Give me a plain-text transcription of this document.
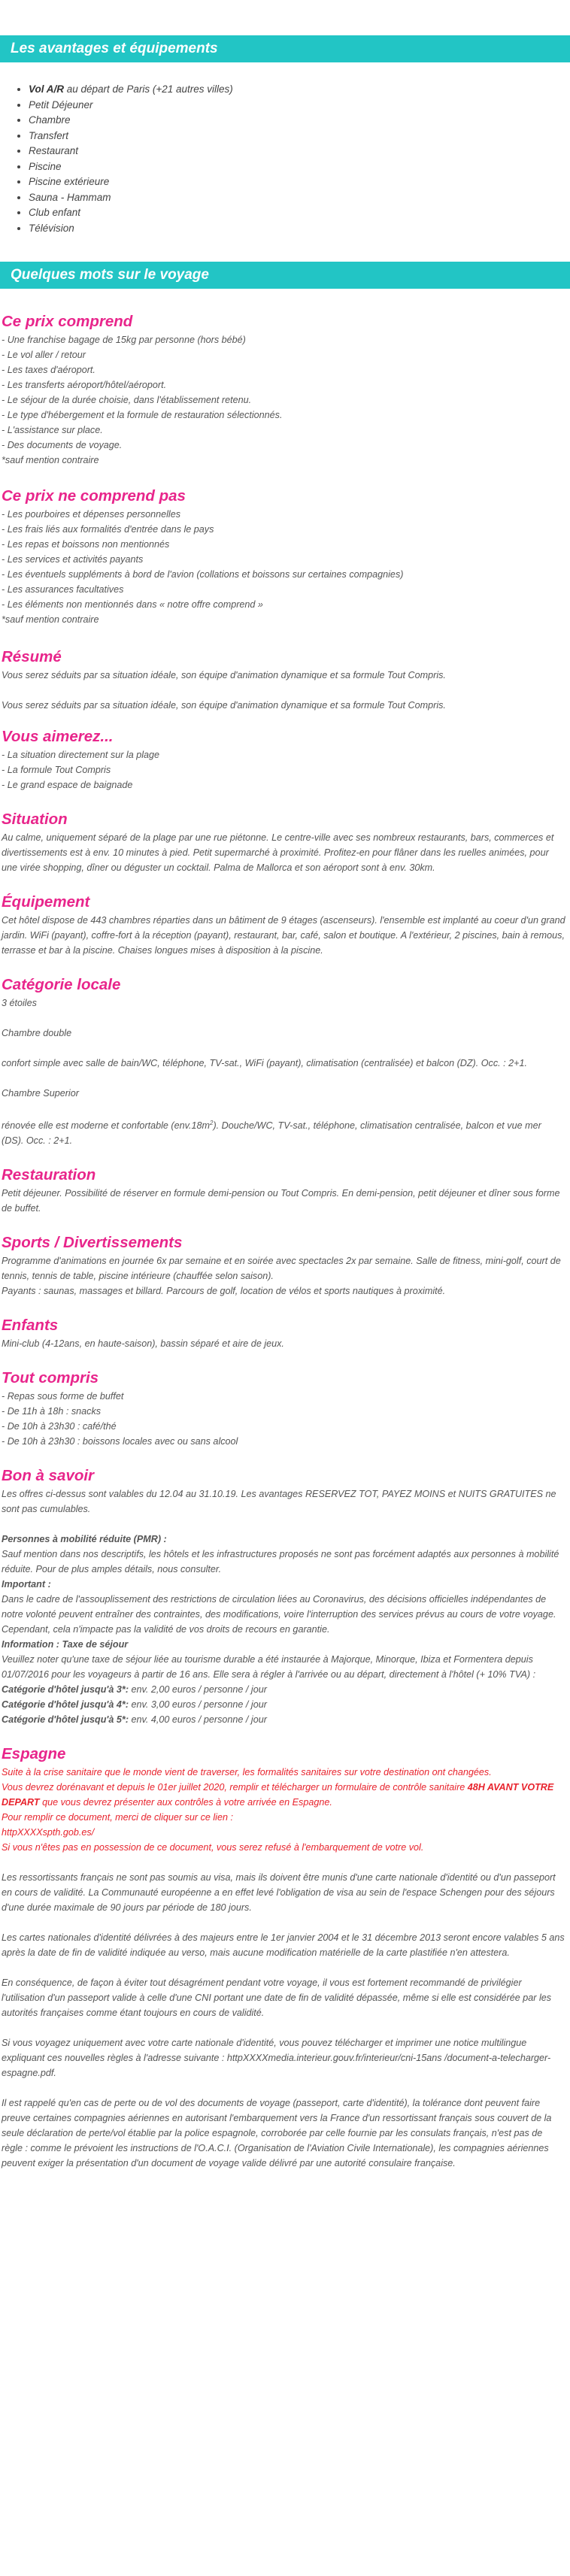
Les avantages et équipements
• Vol A/R au départ de Paris (+21 autres villes)
• Petit Déjeuner
• Chambre
• Transfert
• Restaurant
• Piscine
• Piscine extérieure
• Sauna - Hammam
• Club enfant
• Télévision
Quelques mots sur le voyage
Ce prix comprend

- Une franchise bagage de 15kg par personne (hors bébé)

- Le vol aller / retour

- Les taxes d'aéroport.

- Les transferts aéroport/hôtel/aéroport.

- Le séjour de la durée choisie, dans l'établissement retenu.

- Le type d'hébergement et la formule de restauration sélectionnés.

- L'assistance sur place.

- Des documents de voyage.

*sauf mention contraire

Ce prix ne comprend pas

- Les pourboires et dépenses personnelles

- Les frais liés aux formalités d'entrée dans le pays

- Les repas et boissons non mentionnés

- Les services et activités payants

- Les éventuels suppléments à bord de l'avion (collations et boissons sur certaines compagnies)

- Les assurances facultatives

- Les éléments non mentionnés dans « notre offre comprend »

*sauf mention contraire

Résumé

Vous serez séduits par sa situation idéale, son équipe d'animation dynamique et sa formule Tout Compris.

Vous serez séduits par sa situation idéale, son équipe d'animation dynamique et sa formule Tout Compris.

Vous aimerez...

- La situation directement sur la plage

- La formule Tout Compris

- Le grand espace de baignade

Situation
Au calme, uniquement séparé de la plage par une rue piétonne. Le centre-ville avec ses nombreux restaurants, bars, commerces et divertissements est à env. 10 minutes à pied. Petit supermarché à proximité. Profitez-en pour flâner dans les ruelles animées, pour une virée shopping, dîner ou déguster un cocktail. Palma de Mallorca et son aéroport sont à env. 30km.
Équipement
Cet hôtel dispose de 443 chambres réparties dans un bâtiment de 9 étages (ascenseurs). l'ensemble est implanté au coeur d'un grand jardin. WiFi (payant), coffre-fort à la réception (payant), restaurant, bar, café, salon et boutique. A l'extérieur, 2 piscines, bain à remous, terrasse et bar à la piscine. Chaises longues mises à disposition à la piscine.
Catégorie locale

3 étoiles

Chambre double

confort simple avec salle de bain/WC, téléphone, TV-sat., WiFi (payant), climatisation (centralisée) et balcon (DZ). Occ. : 2+1.

Chambre Superior

rénovée elle est moderne et confortable $(env.18m^2)$. Douche/WC, TV-sat., téléphone, climatisation centralisée, balcon et vue mer (DS). Occ. : 2+1.

Restauration
Petit déjeuner. Possibilité de réserver en formule demi-pension ou Tout Compris. En demi-pension, petit déjeuner et dîner sous forme de buffet.
Sports / Divertissements

Programme d'animations en journée 6x par semaine et en soirée avec spectacles 2x par semaine. Salle de fitness, mini-golf, court de tennis, tennis de table, piscine intérieure (chauffée selon saison).

Payants : saunas, massages et billard. Parcours de golf, location de vélos et sports nautiques à proximité.

Enfants
Mini-club (4-12ans, en haute-saison), bassin séparé et aire de jeux.
Tout compris

- Repas sous forme de buffet

- De 11h à 18h : snacks

- De 10h à 23h30 : café/thé

- De 10h à 23h30 : boissons locales avec ou sans alcool

Bon à savoir

Les offres ci-dessus sont valables du 12.04 au 31.10.19. Les avantages RESERVEZ TOT, PAYEZ MOINS et NUITS GRATUITES ne sont pas cumulables.

Personnes à mobilité réduite (PMR) :

Sauf mention dans nos descriptifs, les hôtels et les infrastructures proposés ne sont pas forcément adaptés aux personnes à mobilité réduite. Pour de plus amples détails, nous consulter.

Important :

Dans le cadre de l'assouplissement des restrictions de circulation liées au Coronavirus, des décisions officielles indépendantes de notre volonté peuvent entraîner des contraintes, des modifications, voire l'interruption des services prévus au cours de votre voyage.

Cependant, cela n'impacte pas la validité de vos droits de recours en garantie.

Information : Taxe de séjour

Veuillez noter qu'une taxe de séjour liée au tourisme durable a été instaurée à Majorque, Minorque, Ibiza et Formentera depuis 01/07/2016 pour les voyageurs à partir de 16 ans. Elle sera à régler à l'arrivée ou au départ, directement à l'hôtel (+ 10% TVA) :

Catégorie d'hôtel jusqu'à 3*: env. 2,00 euros / personne / jour

Catégorie d'hôtel jusqu'à 4*: env. 3,00 euros / personne / jour

Catégorie d'hôtel jusqu'à 5*: env. 4,00 euros / personne / jour

Espagne

Suite à la crise sanitaire que le monde vient de traverser, les formalités sanitaires sur votre destination ont changées.

Vous devrez dorénavant et depuis le 01er juillet 2020, remplir et télécharger un formulaire de contrôle sanitaire 48H AVANT VOTRE DEPART que vous devrez présenter aux contrôles à votre arrivée en Espagne.

Pour remplir ce document, merci de cliquer sur ce lien :

httpXXXXspth.gob.es/

Si vous n'êtes pas en possession de ce document, vous serez refusé à l'embarquement de votre vol.

Les ressortissants français ne sont pas soumis au visa, mais ils doivent être munis d'une carte nationale d'identité ou d'un passeport en cours de validité. La Communauté européenne a en effet levé l'obligation de visa au sein de l'espace Schengen pour des séjours d'une durée maximale de 90 jours par période de 180 jours.

Les cartes nationales d'identité délivrées à des majeurs entre le 1er janvier 2004 et le 31 décembre 2013 seront encore valables 5 ans après la date de fin de validité indiquée au verso, mais aucune modification matérielle de la carte plastifiée n'en attestera.

En conséquence, de façon à éviter tout désagrément pendant votre voyage, il vous est fortement recommandé de privilégier l'utilisation d'un passeport valide à celle d'une CNI portant une date de fin de validité dépassée, même si elle est considérée par les autorités françaises comme étant toujours en cours de validité.

Si vous voyagez uniquement avec votre carte nationale d'identité, vous pouvez télécharger et imprimer une notice multilingue expliquant ces nouvelles règles à l'adresse suivante : httpXXXXmedia.interieur.gouv.fr/interieur/cni-15ans /document-a-telecharger-espagne.pdf.

Il est rappelé qu'en cas de perte ou de vol des documents de voyage (passeport, carte d'identité), la tolérance dont peuvent faire preuve certaines compagnies aériennes en autorisant l'embarquement vers la France d'un ressortissant français sous couvert de la seule déclaration de perte/vol établie par la police espagnole, corroborée par celle fournie par les consulats français, n'est pas de règle : comme le prévoient les instructions de l'O.A.C.I. (Organisation de l'Aviation Civile Internationale), les compagnies aériennes peuvent exiger la présentation d'un document de voyage valide délivré par une autorité consulaire française.
